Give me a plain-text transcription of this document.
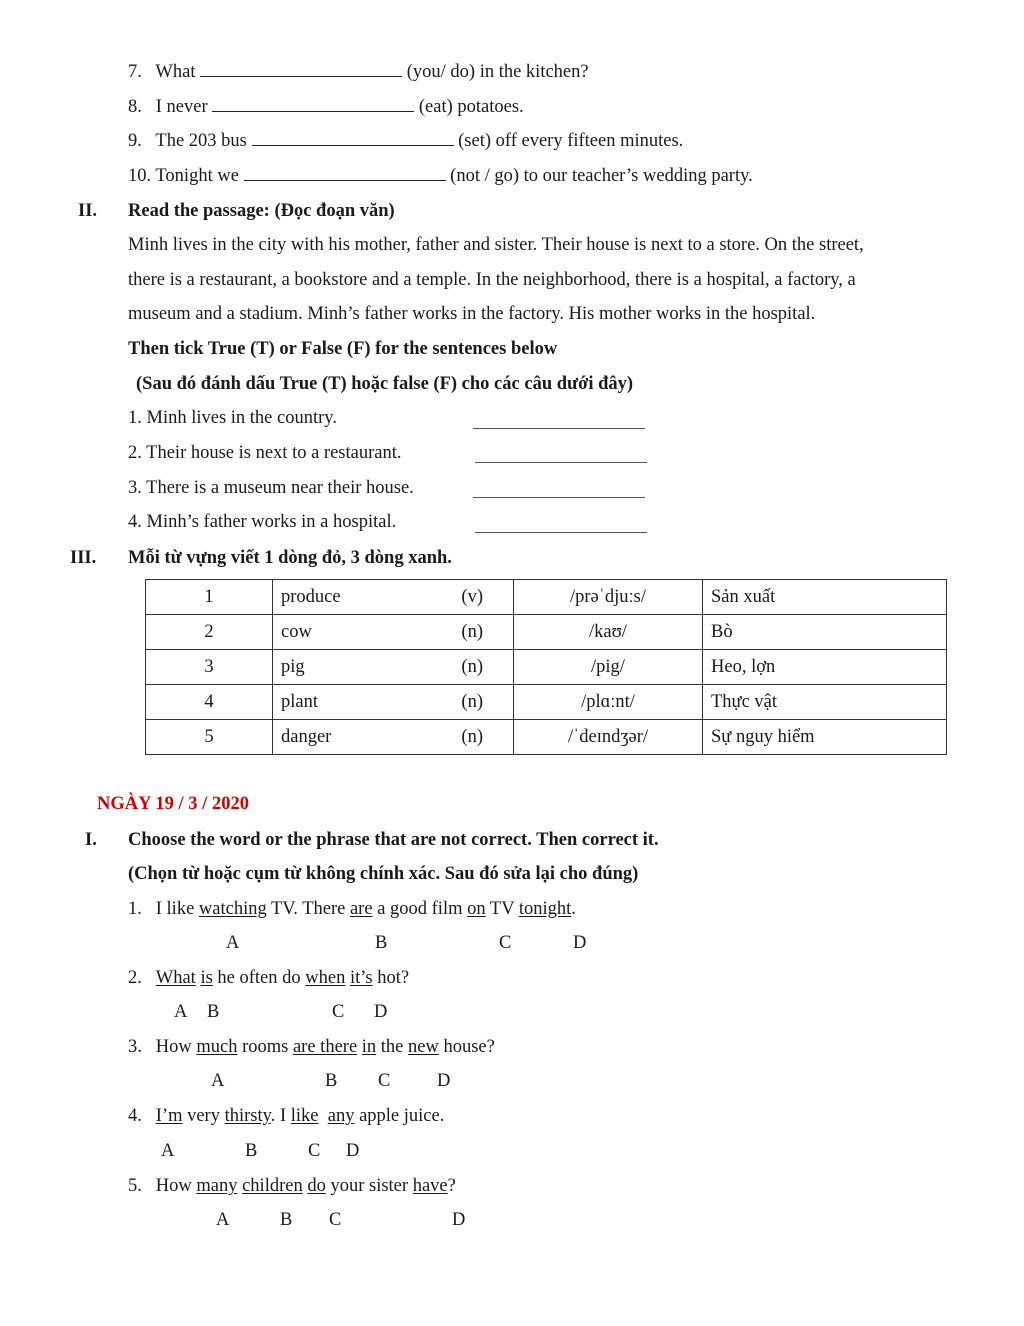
7. What	(you/ do) in the kitchen?
8. I never	(eat) potatoes.
9. The 203 bus	(set) off every fifteen minutes.
10. Tonight we	(not / go) to our teacher’s wedding party.
II. Read the passage: (Đọc đoạn văn)
Minh lives in the city with his mother, father and sister. Their house is next to a store. On the street,
there is a restaurant, a bookstore and a temple. In the neighborhood, there is a hospital, a factory, a
museum and a stadium. Minh’s father works in the factory. His mother works in the hospital.
Then tick True (T) or False (F) for the sentences below
(Sau đó đánh dấu True (T) hoặc false (F) cho các câu dưới đây)
1. Minh lives in the country.
2. Their house is next to a restaurant.
3. There is a museum near their house.
4. Minh’s father works in a hospital.
III. Mỗi từ vựng viết 1 dòng đỏ, 3 dòng xanh.
1	produce (v)	/prəˈdjuːs/	Sản xuất
2	cow (n)	/kaʊ/	Bò
3	pig (n)	/pig/	Heo, lợn
4	plant (n)	/plɑːnt/	Thực vật
5	danger (n)	/ˈdeɪndʒər/	Sự nguy hiểm
NGÀY 19 / 3 / 2020
I. Choose the word or the phrase that are not correct. Then correct it.
(Chọn từ hoặc cụm từ không chính xác. Sau đó sửa lại cho đúng)
1. I like watching TV. There are a good film on TV tonight.
A	B	C	D
2. What is he often do when it’s hot?
A B	C D
3. How much rooms are there in the new house?
A	B C	D
4. I’m very thirsty. I like any apple juice.
A	B	C D
5. How many children do your sister have?
A	B C	D
